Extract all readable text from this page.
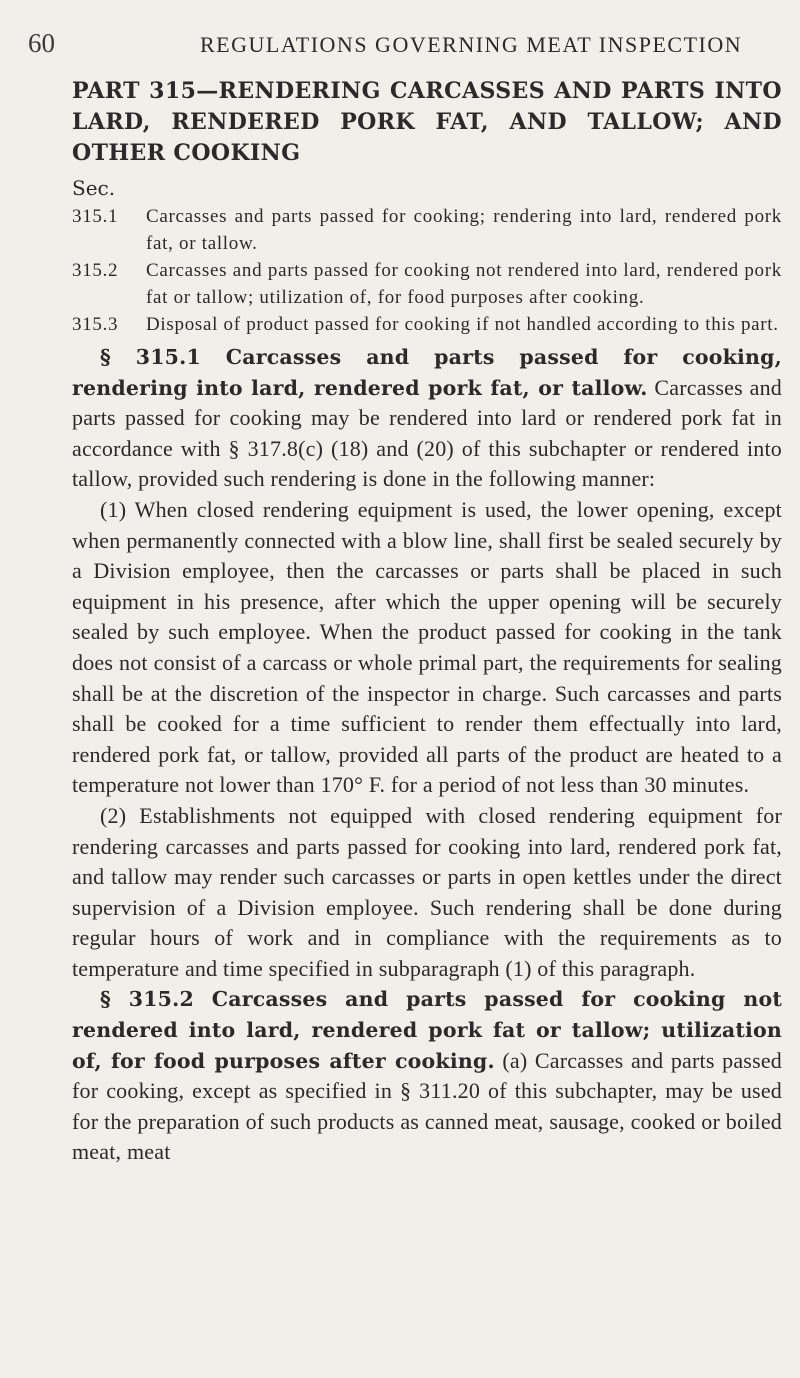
60	REGULATIONS GOVERNING MEAT INSPECTION
PART 315—RENDERING CARCASSES AND PARTS INTO LARD, RENDERED PORK FAT, AND TALLOW; AND OTHER COOKING
Sec.
315.1 Carcasses and parts passed for cooking; rendering into lard, rendered pork fat, or tallow.
315.2 Carcasses and parts passed for cooking not rendered into lard, rendered pork fat or tallow; utilization of, for food purposes after cooking.
315.3 Disposal of product passed for cooking if not handled according to this part.

§ 315.1 Carcasses and parts passed for cooking, rendering into lard, rendered pork fat, or tallow. Carcasses and parts passed for cooking may be rendered into lard or rendered pork fat in accordance with § 317.8(c) (18) and (20) of this subchapter or rendered into tallow, provided such rendering is done in the following manner:

(1) When closed rendering equipment is used, the lower opening, except when permanently connected with a blow line, shall first be sealed securely by a Division employee, then the carcasses or parts shall be placed in such equipment in his presence, after which the upper opening will be securely sealed by such employee. When the product passed for cooking in the tank does not consist of a carcass or whole primal part, the requirements for sealing shall be at the discretion of the inspector in charge. Such carcasses and parts shall be cooked for a time sufficient to render them effectually into lard, rendered pork fat, or tallow, provided all parts of the product are heated to a temperature not lower than 170° F. for a period of not less than 30 minutes.

(2) Establishments not equipped with closed rendering equipment for rendering carcasses and parts passed for cooking into lard, rendered pork fat, and tallow may render such carcasses or parts in open kettles under the direct supervision of a Division employee. Such rendering shall be done during regular hours of work and in compliance with the requirements as to temperature and time specified in subparagraph (1) of this paragraph.

§ 315.2 Carcasses and parts passed for cooking not rendered into lard, rendered pork fat or tallow; utilization of, for food purposes after cooking. (a) Carcasses and parts passed for cooking, except as specified in § 311.20 of this subchapter, may be used for the preparation of such products as canned meat, sausage, cooked or boiled meat, meat
